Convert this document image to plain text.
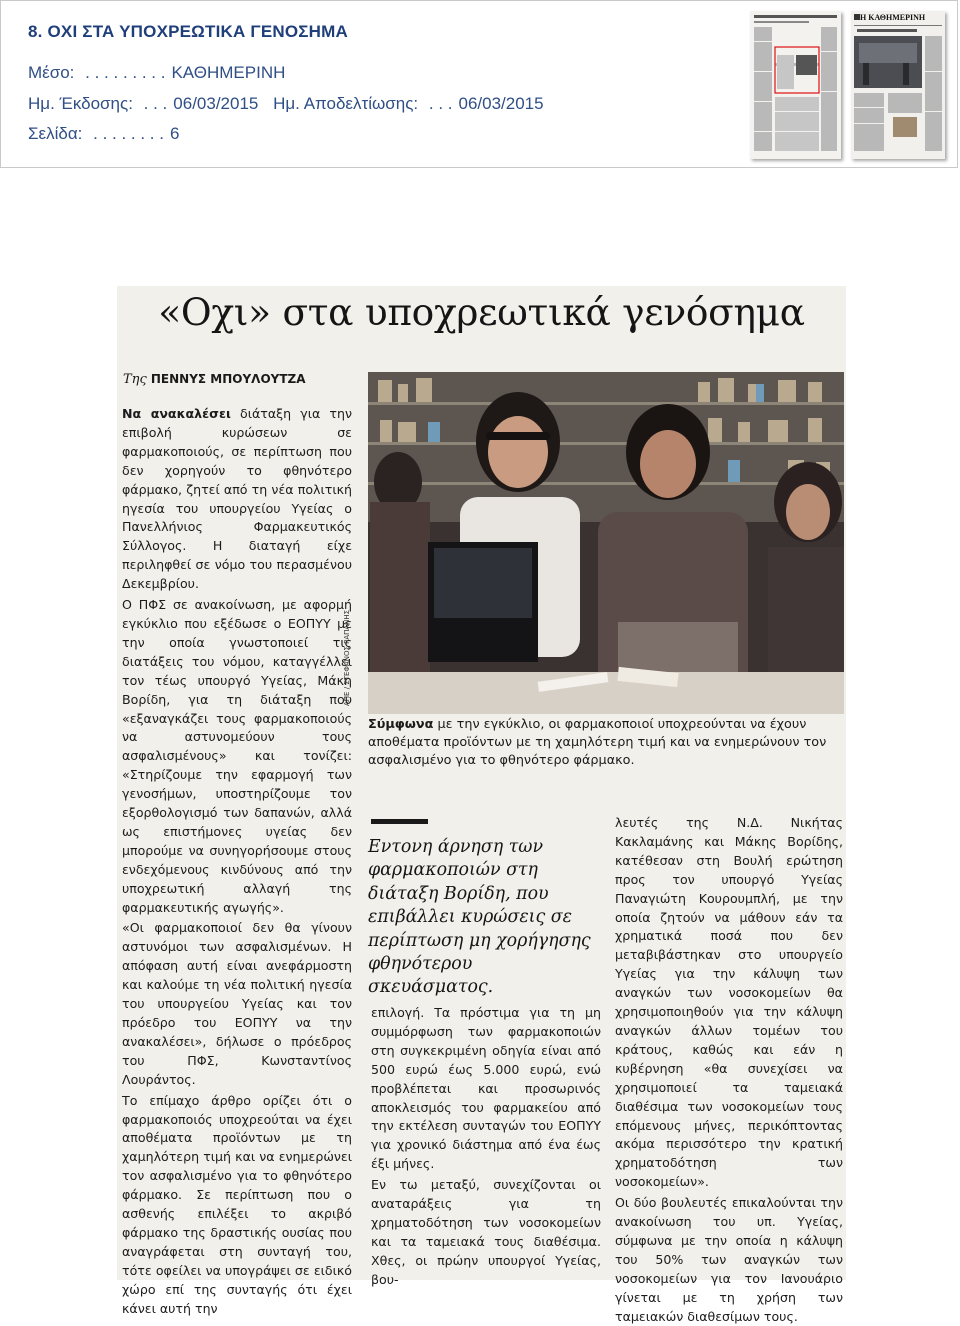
8. ΟΧΙ ΣΤΑ ΥΠΟΧΡΕΩΤΙΚΑ ΓΕΝΟΣΗΜΑ
Μέσο: . . . . . . . . . ΚΑΘΗΜΕΡΙΝΗ
Ημ. Έκδοσης: . . . 06/03/2015 Ημ. Αποδελτίωσης: . . . 06/03/2015
Σελίδα: . . . . . . . . 6
Η ΚΑΘΗΜΕΡΙΝΗ
«Οχι» στα υποχρεωτικά γενόσημα
Της ΠΕΝΝΥΣ ΜΠΟΥΛΟΥΤΖΑ

Να ανακαλέσει διάταξη για την επιβολή κυρώσεων σε φαρμακοποιούς, σε περίπτωση που δεν χορηγούν το φθηνότερο φάρμακο, ζητεί από τη νέα πολιτική ηγεσία του υπουργείου Υγείας ο Πανελλήνιος Φαρμακευτικός Σύλλογος. Η διαταγή είχε περιληφθεί σε νόμο του περασμένου Δεκεμβρίου.

Ο ΠΦΣ σε ανακοίνωση, με αφορμή εγκύκλιο που εξέδωσε ο ΕΟΠΥΥ με την οποία γνωστοποιεί τις διατάξεις του νόμου, καταγγέλλει τον τέως υπουργό Υγείας, Μάκη Βορίδη, για τη διάταξη που «εξαναγκάζει τους φαρμακοποιούς να αστυνομεύουν τους ασφαλισμένους» και τονίζει: «Στηρίζουμε την εφαρμογή των γενοσήμων, υποστηρίζουμε τον εξορθολογισμό των δαπανών, αλλά ως επιστήμονες υγείας δεν μπορούμε να συνηγορήσουμε στους ενδεχόμενους κινδύνους από την υποχρεωτική αλλαγή της φαρμακευτικής αγωγής».

«Οι φαρμακοποιοί δεν θα γίνουν αστυνόμοι των ασφαλισμένων. Η απόφαση αυτή είναι ανεφάρμοστη και καλούμε τη νέα πολιτική ηγεσία του υπουργείου Υγείας και τον πρόεδρο του ΕΟΠΥΥ να την ανακαλέσει», δήλωσε ο πρόεδρος του ΠΦΣ, Κωνσταντίνος Λουράντος.

Το επίμαχο άρθρο ορίζει ότι ο φαρμακοποιός υποχρεούται να έχει αποθέματα προϊόντων με τη χαμηλότερη τιμή και να ενημερώνει τον ασφαλισμένο για το φθηνότερο φάρμακο. Σε περίπτωση που ο ασθενής επιλέξει το ακριβό φάρμακο της δραστικής ουσίας που αναγράφεται στη συνταγή του, τότε οφείλει να υπογράψει σε ειδικό χώρο επί της συνταγής ότι έχει κάνει αυτή την

ΑΠΕ / ΣΤΕΦΑΝΟΣ ΡΑΠΑΝΗΣ
Σύμφωνα με την εγκύκλιο, οι φαρμακοποιοί υποχρεούνται να έχουν αποθέματα προϊόντων με τη χαμηλότερη τιμή και να ενημερώνουν τον ασφαλισμένο για το φθηνότερο φάρμακο.
Εντονη άρνηση των φαρμακοποιών στη διάταξη Βορίδη, που επιβάλλει κυρώσεις σε περίπτωση μη χορήγησης φθηνότερου σκευάσματος.

επιλογή. Τα πρόστιμα για τη μη συμμόρφωση των φαρμακοποιών στη συγκεκριμένη οδηγία είναι από 500 ευρώ έως 5.000 ευρώ, ενώ προβλέπεται και προσωρινός αποκλεισμός του φαρμακείου από την εκτέλεση συνταγών του ΕΟΠΥΥ για χρονικό διάστημα από ένα έως έξι μήνες.

Εν τω μεταξύ, συνεχίζονται οι αναταράξεις για τη χρηματοδότηση των νοσοκομείων και τα ταμειακά τους διαθέσιμα. Χθες, οι πρώην υπουργοί Υγείας, βου-

λευτές της Ν.Δ. Νικήτας Κακλαμάνης και Μάκης Βορίδης, κατέθεσαν στη Βουλή ερώτηση προς τον υπουργό Υγείας Παναγιώτη Κουρουμπλή, με την οποία ζητούν να μάθουν εάν τα χρηματικά ποσά που δεν μεταβιβάστηκαν στο υπουργείο Υγείας για την κάλυψη των αναγκών των νοσοκομείων θα χρησιμοποιηθούν για την κάλυψη αναγκών άλλων τομέων του κράτους, καθώς και εάν η κυβέρνηση «θα συνεχίσει να χρησιμοποιεί τα ταμειακά διαθέσιμα των νοσοκομείων τους επόμενους μήνες, περικόπτοντας ακόμα περισσότερο την κρατική χρηματοδότηση των νοσοκομείων».

Οι δύο βουλευτές επικαλούνται την ανακοίνωση του υπ. Υγείας, σύμφωνα με την οποία η κάλυψη του 50% των αναγκών των νοσοκομείων για τον Ιανουάριο γίνεται με τη χρήση των ταμειακών διαθεσίμων τους.
